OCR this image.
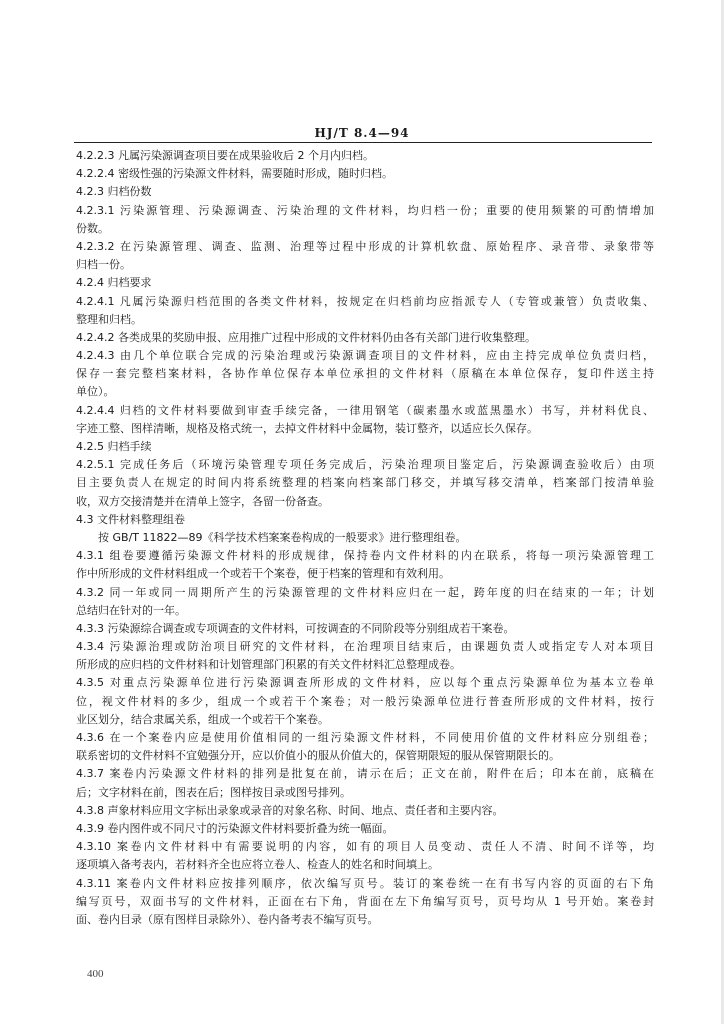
HJ/T 8.4—94
4.2.2.3 凡属污染源调查项目要在成果验收后 2 个月内归档。
4.2.2.4 密级性强的污染源文件材料，需要随时形成，随时归档。
4.2.3 归档份数
4.2.3.1 污染源管理、污染源调查、污染治理的文件材料，均归档一份；重要的使用频繁的可酌情增加
份数。
4.2.3.2 在污染源管理、调查、监测、治理等过程中形成的计算机软盘、原始程序、录音带、录象带等
归档一份。
4.2.4 归档要求
4.2.4.1 凡属污染源归档范围的各类文件材料，按规定在归档前均应指派专人（专管或兼管）负责收集、
整理和归档。
4.2.4.2 各类成果的奖励申报、应用推广过程中形成的文件材料仍由各有关部门进行收集整理。
4.2.4.3 由几个单位联合完成的污染治理或污染源调查项目的文件材料，应由主持完成单位负责归档，
保存一套完整档案材料，各协作单位保存本单位承担的文件材料（原稿在本单位保存，复印件送主持
单位）。
4.2.4.4 归档的文件材料要做到审查手续完备，一律用钢笔（碳素墨水或蓝黑墨水）书写，并材料优良、
字迹工整、图样清晰，规格及格式统一，去掉文件材料中金属物，装订整齐，以适应长久保存。
4.2.5 归档手续
4.2.5.1 完成任务后（环境污染管理专项任务完成后，污染治理项目鉴定后，污染源调查验收后）由项
目主要负责人在规定的时间内将系统整理的档案向档案部门移交，并填写移交清单，档案部门按清单验
收，双方交接清楚并在清单上签字，各留一份备查。
4.3 文件材料整理组卷
按 GB/T 11822—89《科学技术档案案卷构成的一般要求》进行整理组卷。
4.3.1 组卷要遵循污染源文件材料的形成规律，保持卷内文件材料的内在联系，将每一项污染源管理工
作中所形成的文件材料组成一个或若干个案卷，便于档案的管理和有效利用。
4.3.2 同一年或同一周期所产生的污染源管理的文件材料应归在一起，跨年度的归在结束的一年；计划
总结归在针对的一年。
4.3.3 污染源综合调查或专项调查的文件材料，可按调查的不同阶段等分别组成若干案卷。
4.3.4 污染源治理或防治项目研究的文件材料，在治理项目结束后，由课题负责人或指定专人对本项目
所形成的应归档的文件材料和计划管理部门积累的有关文件材料汇总整理成卷。
4.3.5 对重点污染源单位进行污染源调查所形成的文件材料，应以每个重点污染源单位为基本立卷单
位，视文件材料的多少，组成一个或若干个案卷；对一般污染源单位进行普查所形成的文件材料，按行
业区划分，结合隶属关系，组成一个或若干个案卷。
4.3.6 在一个案卷内应是使用价值相同的一组污染源文件材料，不同使用价值的文件材料应分别组卷；
联系密切的文件材料不宜勉强分开，应以价值小的服从价值大的，保管期限短的服从保管期限长的。
4.3.7 案卷内污染源文件材料的排列是批复在前，请示在后；正文在前，附件在后；印本在前，底稿在
后；文字材料在前，图表在后；图样按目录或图号排列。
4.3.8 声象材料应用文字标出录象或录音的对象名称、时间、地点、责任者和主要内容。
4.3.9 卷内图件或不同尺寸的污染源文件材料要折叠为统一幅面。
4.3.10 案卷内文件材料中有需要说明的内容，如有的项目人员变动、责任人不清、时间不详等，均
逐项填入备考表内，若材料齐全也应将立卷人、检查人的姓名和时间填上。
4.3.11 案卷内文件材料应按排列顺序，依次编写页号。装订的案卷统一在有书写内容的页面的右下角
编写页号，双面书写的文件材料，正面在右下角，背面在左下角编写页号，页号均从 1 号开始。案卷封
面、卷内目录（原有图样目录除外）、卷内备考表不编写页号。
400
